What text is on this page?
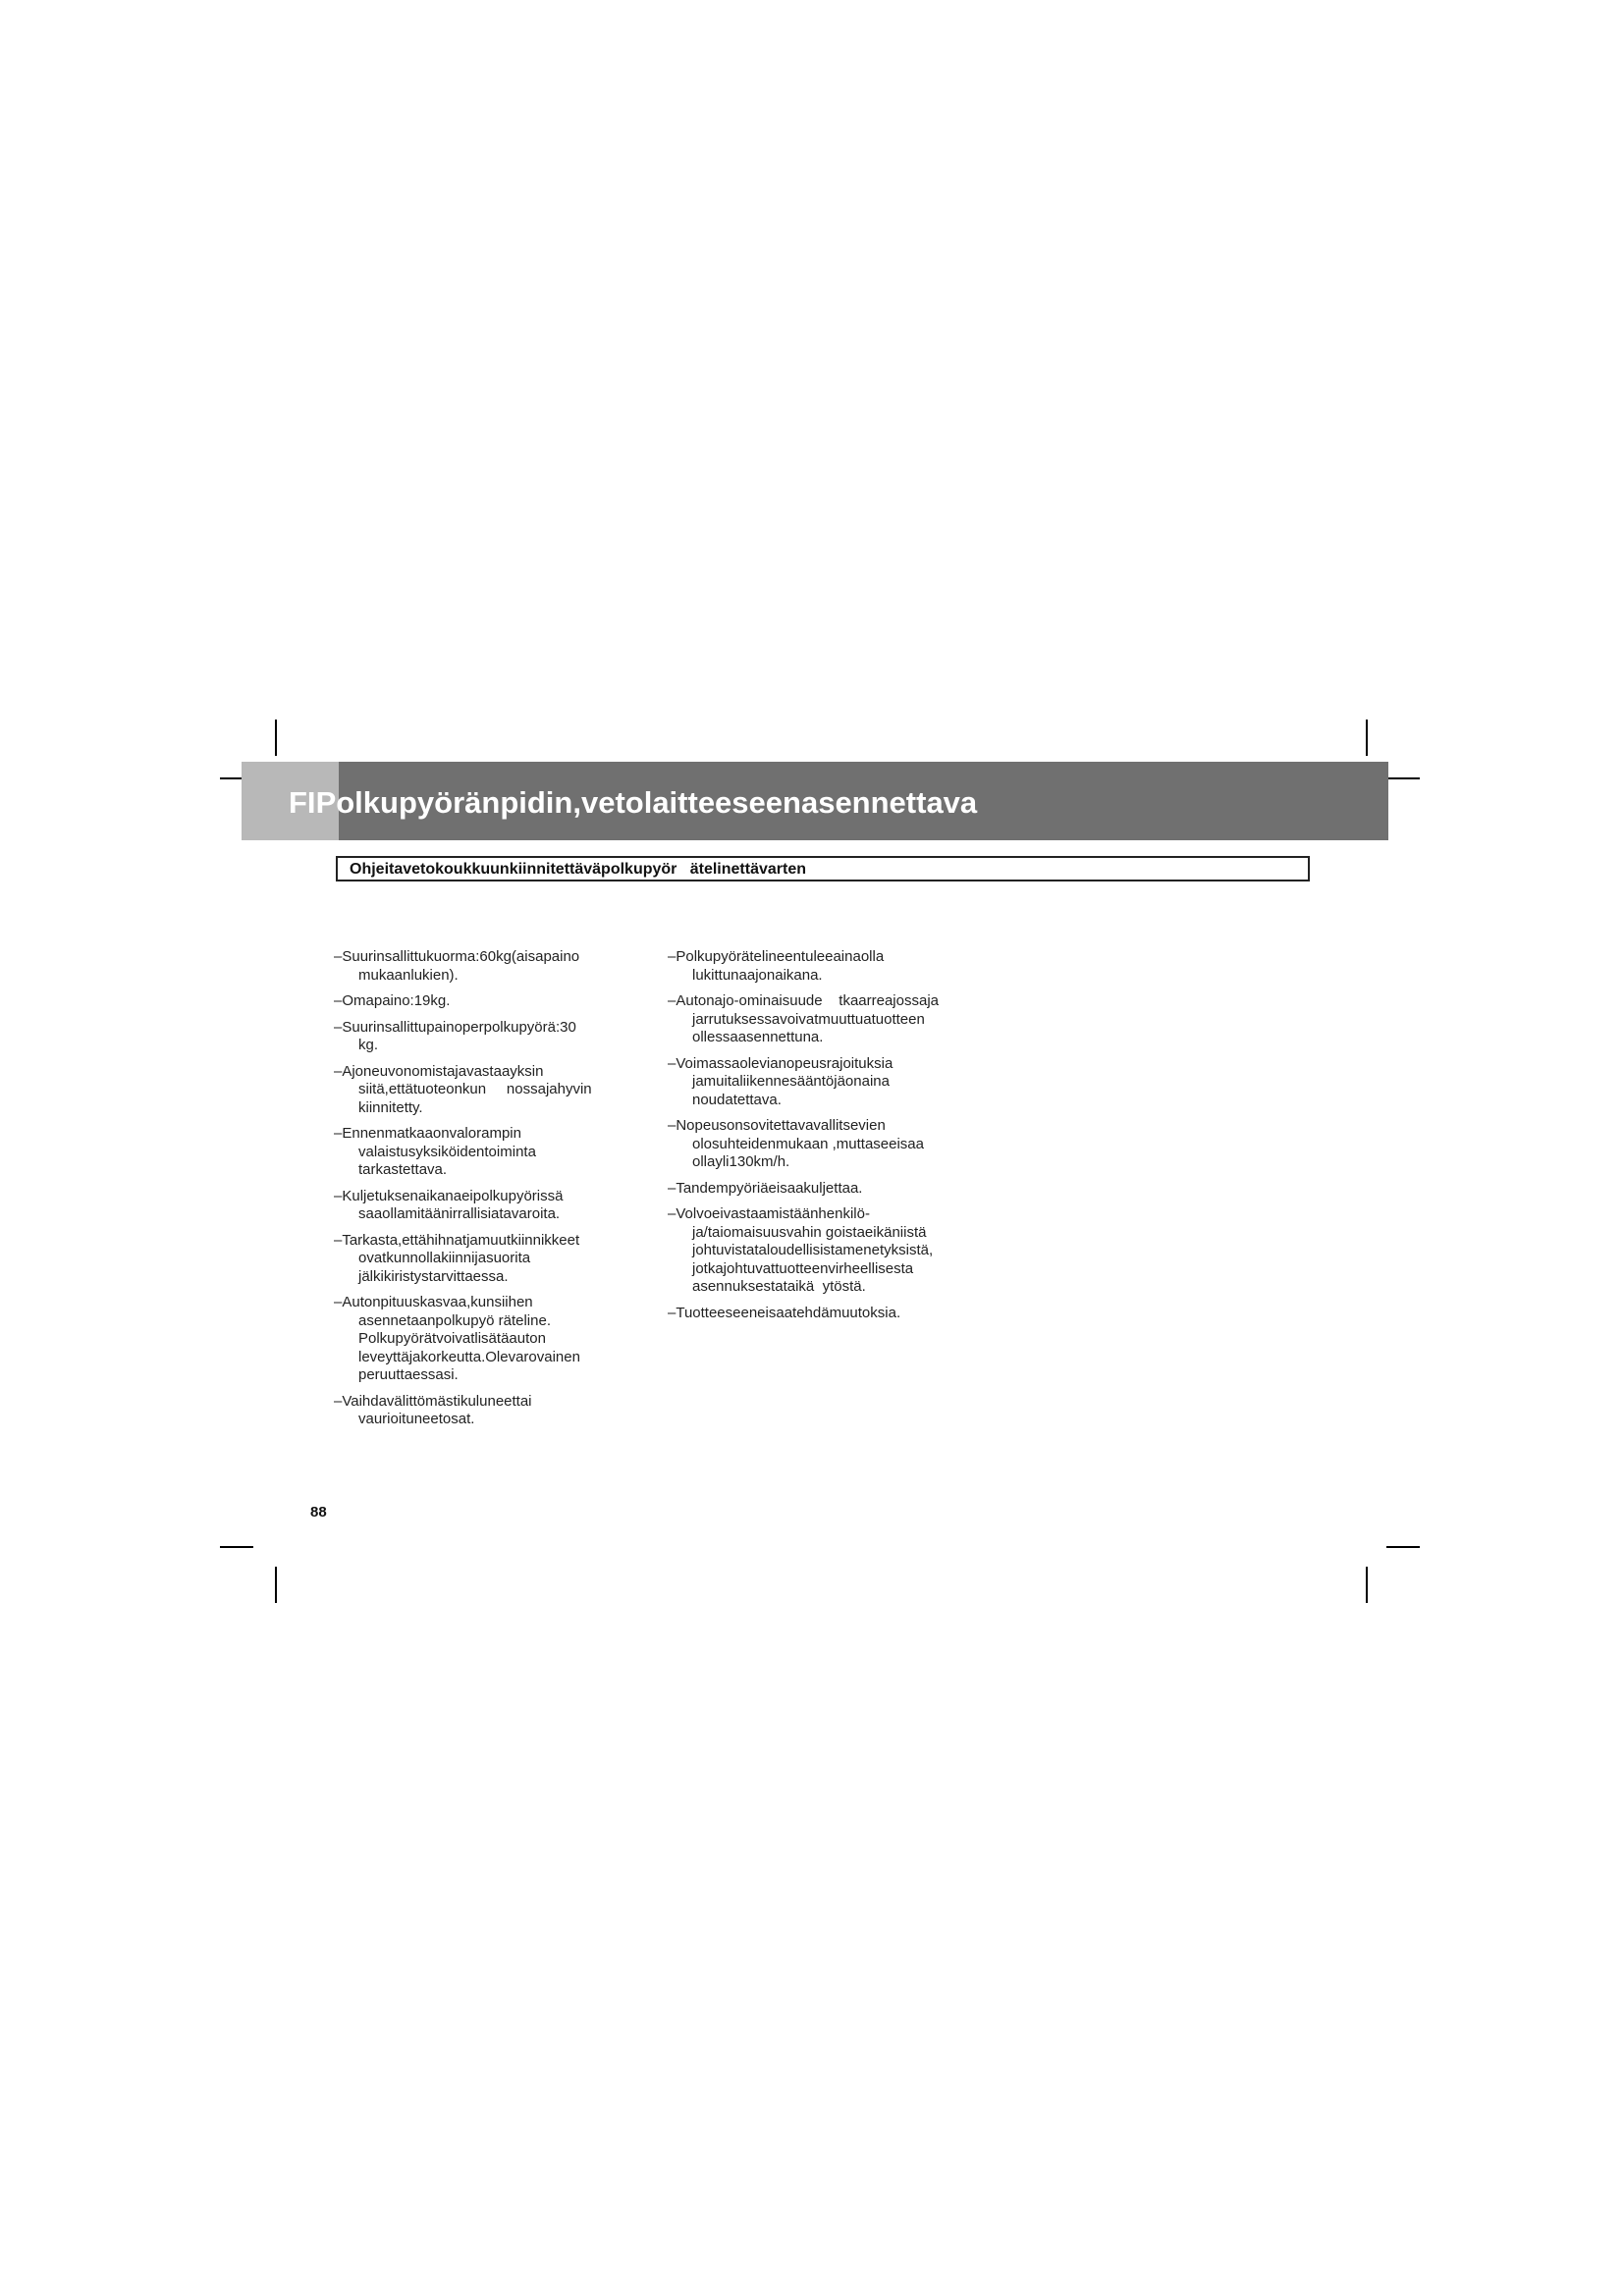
FIPolkupyöränpidin,vetolaitteeseenasennettava
Ohjeitavetokoukkuunkiinnitettäväpolkupyör   ätelinettävarten
–Suurinsallittukuorma:60kg(aisapaino
mukaanlukien).
–Omapaino:19kg.
–Suurinsallittupainoperpolkupyörä:30
kg.
–Ajoneuvonomistajavastaayksin
siitä,ettätuoteonkun     nossajahyvin
kiinnitetty.
–Ennenmatkaaonvalorampin
valaistusyksiköidentoiminta
tarkastettava.
–Kuljetuksenaikanaeipolkupyörissä
saaollamitäänirrallisiatavaroita.
–Tarkasta,ettähihnatjamuutkiinnikkeet
ovatkunnollakiinnijasuorita
jälkikiristystarvittaessa.
–Autonpituuskasvaa,kunsiihen
asennetaanpolkupyö räteline.
Polkupyörätvoivatlisätäauton
leveyttäjakorkeutta.Olevarovainen
peruuttaessasi.
–Vaihdavälittömästikuluneettai
vaurioituneetosat.
–Polkupyörätelineentuleeainaolla
lukittunaajonaikana.
–Autonajo-ominaisuude    tkaarreajossaja
jarrutuksessavoivatmuuttuatuotteen
ollessaasennettuna.
–Voimassaolevianopeusrajoituksia
jamuitaliikennesääntöjäonaina
noudatettava.
–Nopeusonsovitettavavallitsevien
olosuhteidenmukaan ,muttaseeisaa
ollayli130km/h.
–Tandempyöriäeisaakuljettaa.
–Volvoeivastaamistäänhenkilö-
ja/taiomaisuusvahin goistaeikäniistä
johtuvistataloudellisistamenetyksistä,
jotkajohtuvattuotteenvirheellisesta
asennuksestataikä  ytöstä.
–Tuotteeseeneisaatehdämuutoksia.
88
